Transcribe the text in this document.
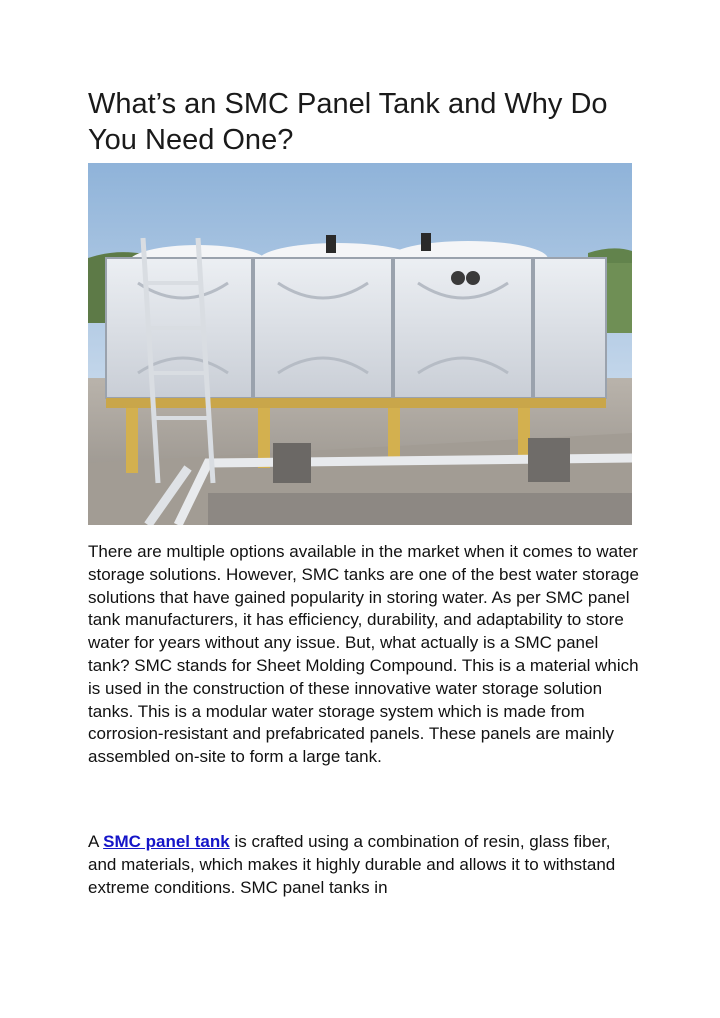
What’s an SMC Panel Tank and Why Do You Need One?

There are multiple options available in the market when it comes to water storage solutions. However, SMC tanks are one of the best water storage solutions that have gained popularity in storing water. As per SMC panel tank manufacturers, it has efficiency, durability, and adaptability to store water for years without any issue. But, what actually is a SMC panel tank? SMC stands for Sheet Molding Compound. This is a material which is used in the construction of these innovative water storage solution tanks. This is a modular water storage system which is made from corrosion-resistant and prefabricated panels. These panels are mainly assembled on-site to form a large tank.

A SMC panel tank is crafted using a combination of resin, glass fiber, and materials, which makes it highly durable and allows it to withstand extreme conditions. SMC panel tanks in
